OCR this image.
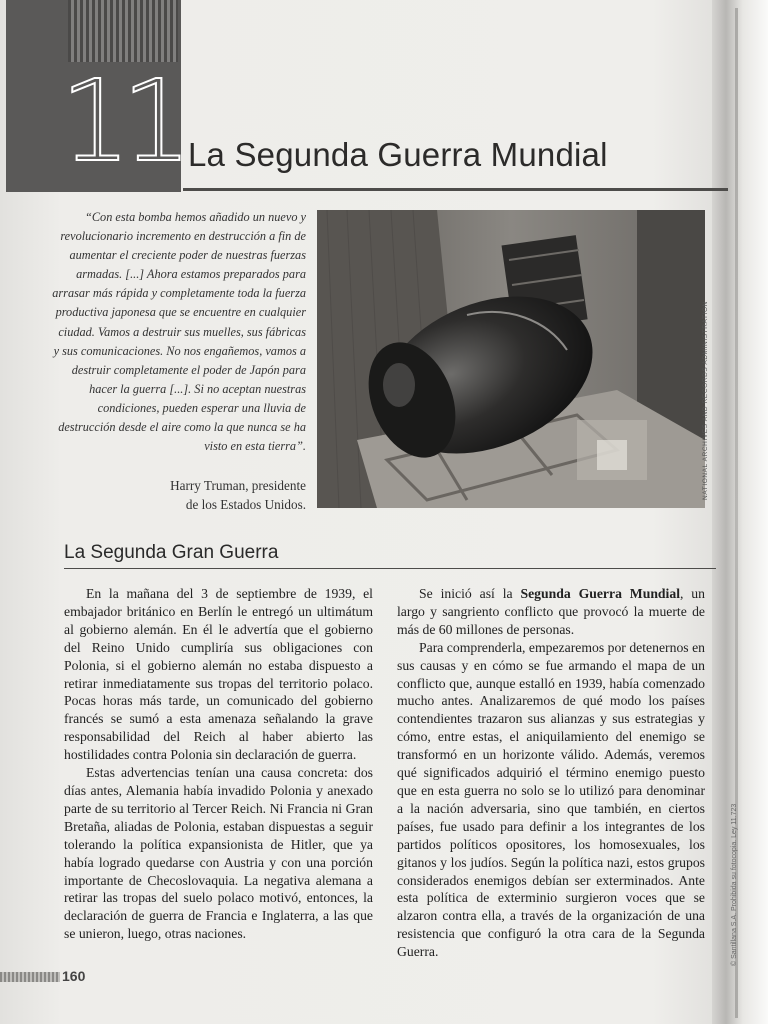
11 La Segunda Guerra Mundial
“Con esta bomba hemos añadido un nuevo y revolucionario incremento en destrucción a fin de aumentar el creciente poder de nuestras fuerzas armadas. [...] Ahora estamos preparados para arrasar más rápida y completamente toda la fuerza productiva japonesa que se encuentre en cualquier ciudad. Vamos a destruir sus muelles, sus fábricas y sus comunicaciones. No nos engañemos, vamos a destruir completamente el poder de Japón para hacer la guerra [...]. Si no aceptan nuestras condiciones, pueden esperar una lluvia de destrucción desde el aire como la que nunca se ha visto en esta tierra”.
Harry Truman, presidente
de los Estados Unidos.
NATIONAL ARCHIVES AND RECORDS ADMINISTRATION
© Santillana S.A. Prohibida su fotocopia. Ley 11.723
La Segunda Gran Guerra

En la mañana del 3 de septiembre de 1939, el embajador británico en Berlín le entregó un ultimátum al gobierno alemán. En él le advertía que el gobierno del Reino Unido cumpliría sus obligaciones con Polonia, si el gobierno alemán no estaba dispuesto a retirar inmediatamente sus tropas del territorio polaco. Pocas horas más tarde, un comunicado del gobierno francés se sumó a esta amenaza señalando la grave responsabilidad del Reich al haber abierto las hostilidades contra Polonia sin declaración de guerra.

Estas advertencias tenían una causa concreta: dos días antes, Alemania había invadido Polonia y anexado parte de su territorio al Tercer Reich. Ni Francia ni Gran Bretaña, aliadas de Polonia, estaban dispuestas a seguir tolerando la política expansionista de Hitler, que ya había logrado quedarse con Austria y con una porción importante de Checoslovaquia. La negativa alemana a retirar las tropas del suelo polaco motivó, entonces, la declaración de guerra de Francia e Inglaterra, a las que se unieron, luego, otras naciones.

Se inició así la Segunda Guerra Mundial, un largo y sangriento conflicto que provocó la muerte de más de 60 millones de personas.

Para comprenderla, empezaremos por detenernos en sus causas y en cómo se fue armando el mapa de un conflicto que, aunque estalló en 1939, había comenzado mucho antes. Analizaremos de qué modo los países contendientes trazaron sus alianzas y sus estrategias y cómo, entre estas, el aniquilamiento del enemigo se transformó en un horizonte válido. Además, veremos qué significados adquirió el término enemigo puesto que en esta guerra no solo se lo utilizó para denominar a la nación adversaria, sino que también, en ciertos países, fue usado para definir a los integrantes de los partidos políticos opositores, los homosexuales, los gitanos y los judíos. Según la política nazi, estos grupos considerados enemigos debían ser exterminados. Ante esta política de exterminio surgieron voces que se alzaron contra ella, a través de la organización de una resistencia que configuró la otra cara de la Segunda Guerra.

160
